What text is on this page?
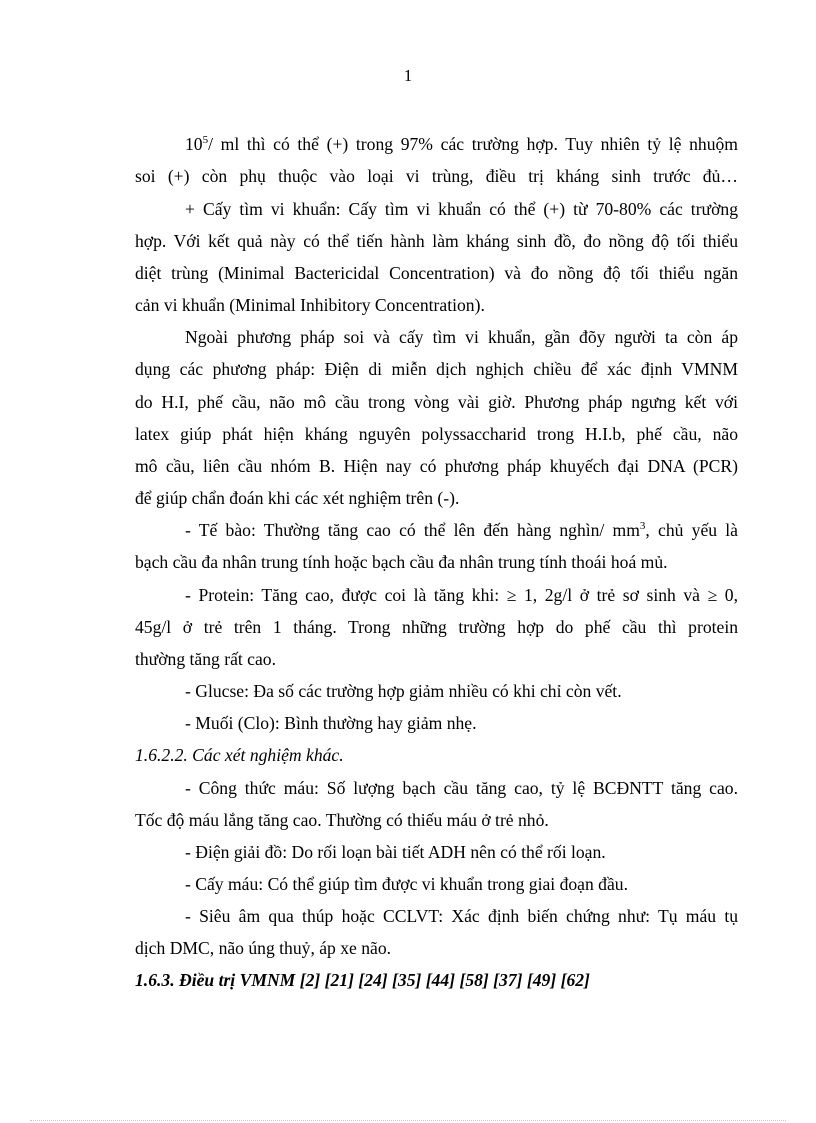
1
$10^5/$ ml thì có thể (+) trong 97% các trường hợp. Tuy nhiên tỷ lệ nhuộm
soi (+) còn phụ thuộc vào loại vi trùng, điều trị kháng sinh trước đủ…
+ Cấy tìm vi khuẩn: Cấy tìm vi khuẩn có thể (+) từ 70-80% các trường
hợp. Với kết quả này có thể tiến hành làm kháng sinh đồ, đo nồng độ tối thiểu
diệt trùng (Minimal Bactericidal Concentration) và đo nồng độ tối thiểu ngăn
cản vi khuẩn (Minimal Inhibitory Concentration).
Ngoài phương pháp soi và cấy tìm vi khuẩn, gần đõy người ta còn áp
dụng các phương pháp: Điện di miễn dịch nghịch chiều để xác định VMNM
do H.I, phế cầu, não mô cầu trong vòng vài giờ. Phương pháp ngưng kết với
latex giúp phát hiện kháng nguyên polyssaccharid trong H.I.b, phế cầu, não
mô cầu, liên cầu nhóm B. Hiện nay có phương pháp khuyếch đại DNA (PCR)
để giúp chẩn đoán khi các xét nghiệm trên (-).
- Tế bào: Thường tăng cao có thể lên đến hàng nghìn/ $mm^3$, chủ yếu là
bạch cầu đa nhân trung tính hoặc bạch cầu đa nhân trung tính thoái hoá mủ.
- Protein: Tăng cao, được coi là tăng khi: ≥ 1, 2g/l ở trẻ sơ sinh và ≥ 0,
45g/l ở trẻ trên 1 tháng. Trong những trường hợp do phế cầu thì protein
thường tăng rất cao.
- Glucse: Đa số các trường hợp giảm nhiều có khi chỉ còn vết.
- Muối (Clo): Bình thường hay giảm nhẹ.
1.6.2.2. Các xét nghiệm khác.
- Công thức máu: Số lượng bạch cầu tăng cao, tỷ lệ BCĐNTT tăng cao.
Tốc độ máu lắng tăng cao. Thường có thiếu máu ở trẻ nhỏ.
- Điện giải đồ: Do rối loạn bài tiết ADH nên có thể rối loạn.
- Cấy máu: Có thể giúp tìm được vi khuẩn trong giai đoạn đầu.
- Siêu âm qua thúp hoặc CCLVT: Xác định biến chứng như: Tụ máu tụ
dịch DMC, não úng thuỷ, áp xe não.
1.6.3. Điều trị VMNM [2] [21] [24] [35] [44] [58] [37] [49] [62]
